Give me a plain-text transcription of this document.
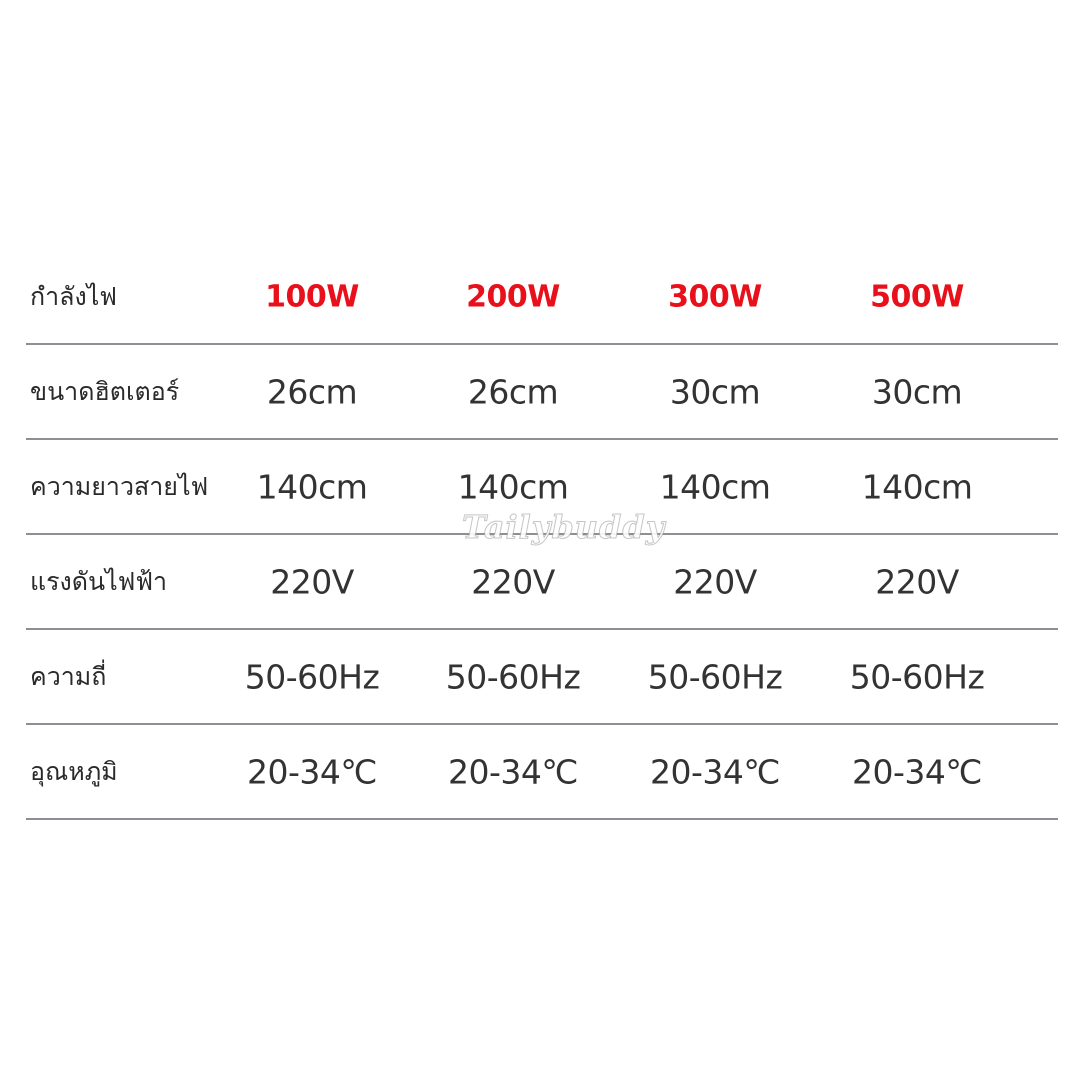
กำลังไฟ	100W	200W	300W	500W
ขนาดฮิตเตอร์	26cm	26cm	30cm	30cm
ความยาวสายไฟ	140cm	140cm	140cm	140cm
แรงดันไฟฟ้า	220V	220V	220V	220V
ความถี่	50-60Hz	50-60Hz	50-60Hz	50-60Hz
อุณหภูมิ	20-34℃	20-34℃	20-34℃	20-34℃
Tailybuddy
